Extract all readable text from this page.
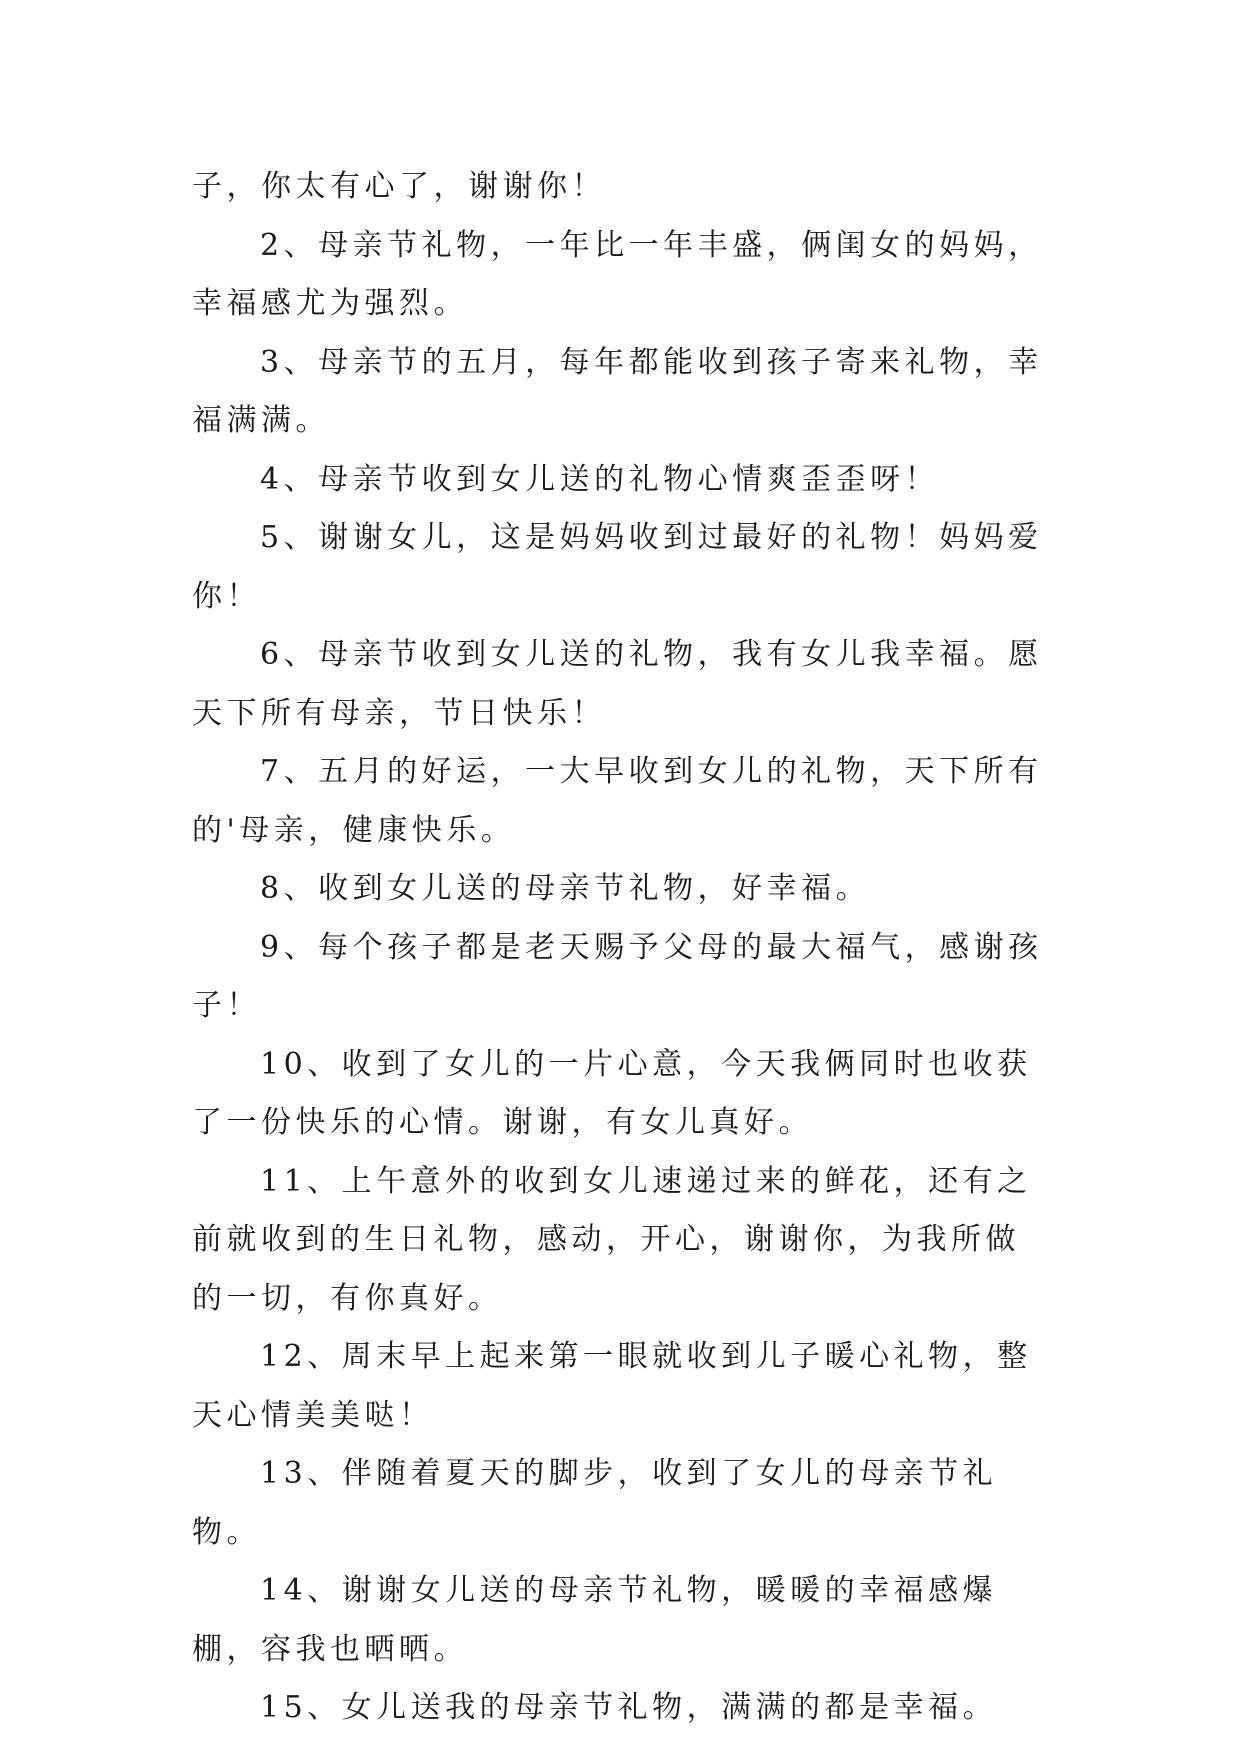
子，你太有心了，谢谢你！

2、母亲节礼物，一年比一年丰盛，俩闺女的妈妈，幸福感尤为强烈。

3、母亲节的五月，每年都能收到孩子寄来礼物，幸福满满。

4、母亲节收到女儿送的礼物心情爽歪歪呀！

5、谢谢女儿，这是妈妈收到过最好的礼物！妈妈爱你！

6、母亲节收到女儿送的礼物，我有女儿我幸福。愿天下所有母亲，节日快乐！

7、五月的好运，一大早收到女儿的礼物，天下所有的'母亲，健康快乐。

8、收到女儿送的母亲节礼物，好幸福。

9、每个孩子都是老天赐予父母的最大福气，感谢孩子！

10、收到了女儿的一片心意，今天我俩同时也收获了一份快乐的心情。谢谢，有女儿真好。

11、上午意外的收到女儿速递过来的鲜花，还有之前就收到的生日礼物，感动，开心，谢谢你，为我所做的一切，有你真好。

12、周末早上起来第一眼就收到儿子暖心礼物，整天心情美美哒！

13、伴随着夏天的脚步，收到了女儿的母亲节礼物。

14、谢谢女儿送的母亲节礼物，暖暖的幸福感爆棚，容我也晒晒。

15、女儿送我的母亲节礼物，满满的都是幸福。
